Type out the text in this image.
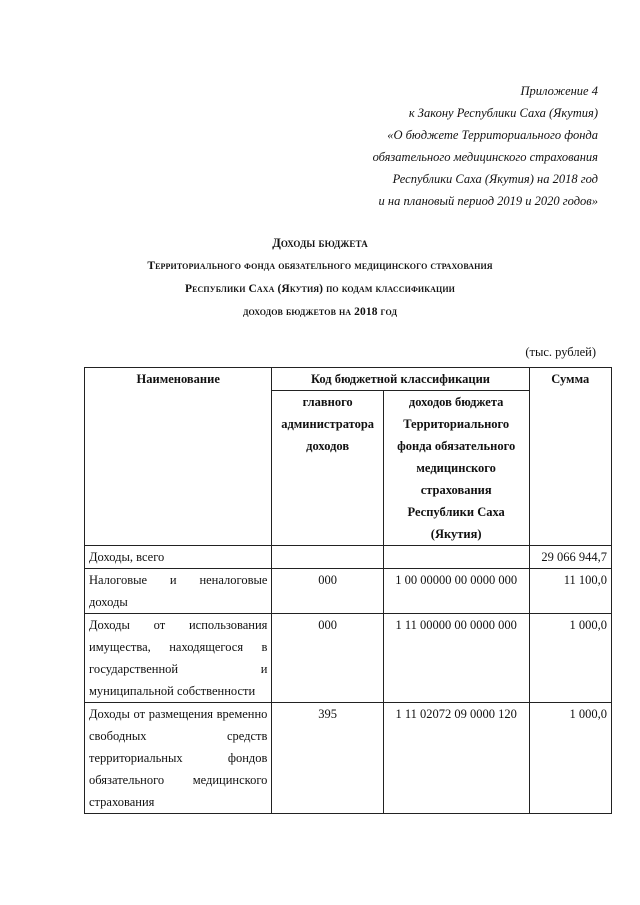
Приложение 4
к Закону Республики Саха (Якутия)
«О бюджете Территориального фонда
обязательного медицинского страхования
Республики Саха (Якутия) на 2018 год
и на плановый период 2019 и 2020 годов»
Доходы бюджета
Территориального фонда обязательного медицинского страхования
Республики Саха (Якутия) по кодам классификации
доходов бюджетов на 2018 год
(тыс. рублей)
Наименование	Код бюджетной классификации		Сумма
	главного администратора доходов	доходов бюджета Территориального фонда обязательного медицинского страхования Республики Саха (Якутия)	
Доходы, всего			29 066 944,7
Налоговые и неналоговые доходы	000	1 00 00000 00 0000 000	11 100,0
Доходы от использования имущества, находящегося в государственной и муниципальной собственности	000	1 11 00000 00 0000 000	1 000,0
Доходы от размещения временно свободных средств территориальных фондов обязательного медицинского страхования	395	1 11 02072 09 0000 120	1 000,0
